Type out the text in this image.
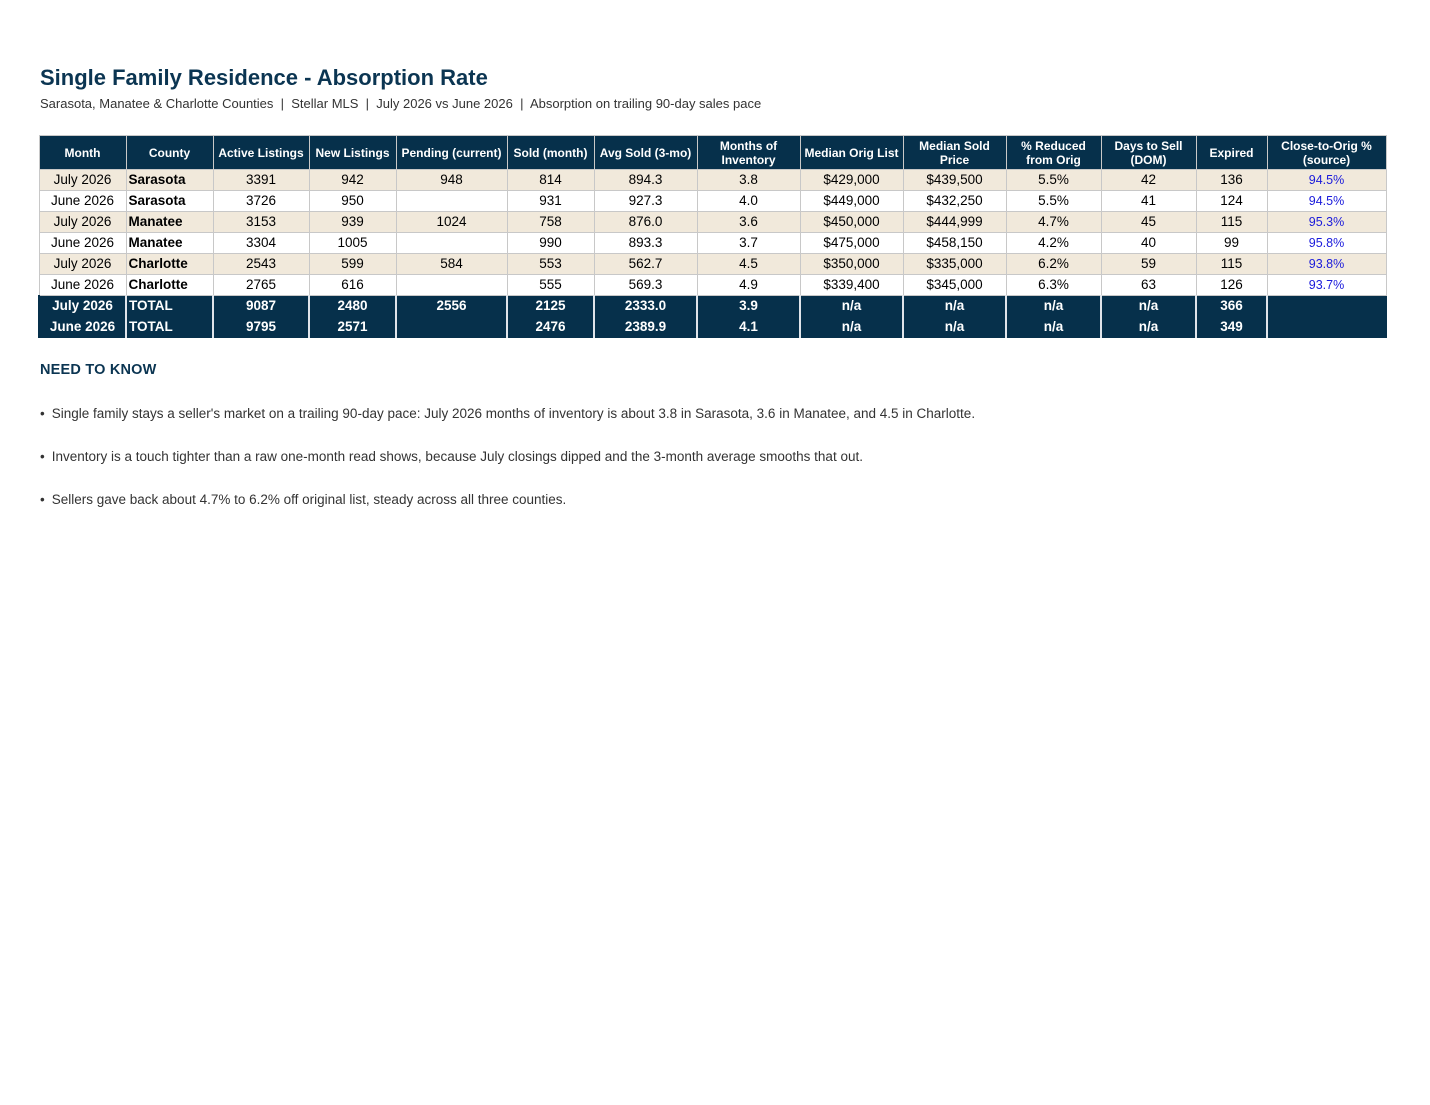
Single Family Residence - Absorption Rate
Sarasota, Manatee & Charlotte Counties  |  Stellar MLS  |  July 2026 vs June 2026  |  Absorption on trailing 90-day sales pace
Month	County	Active Listings	New Listings	Pending (current)	Sold (month)	Avg Sold (3-mo)	Months of Inventory	Median Orig List	Median Sold Price	% Reduced from Orig	Days to Sell (DOM)	Expired	Close-to-Orig % (source)
July 2026	Sarasota	3391	942	948	814	894.3	3.8	$429,000	$439,500	5.5%	42	136	94.5%
June 2026	Sarasota	3726	950		931	927.3	4.0	$449,000	$432,250	5.5%	41	124	94.5%
July 2026	Manatee	3153	939	1024	758	876.0	3.6	$450,000	$444,999	4.7%	45	115	95.3%
June 2026	Manatee	3304	1005		990	893.3	3.7	$475,000	$458,150	4.2%	40	99	95.8%
July 2026	Charlotte	2543	599	584	553	562.7	4.5	$350,000	$335,000	6.2%	59	115	93.8%
June 2026	Charlotte	2765	616		555	569.3	4.9	$339,400	$345,000	6.3%	63	126	93.7%
July 2026	TOTAL	9087	2480	2556	2125	2333.0	3.9	n/a	n/a	n/a	n/a	366	
June 2026	TOTAL	9795	2571		2476	2389.9	4.1	n/a	n/a	n/a	n/a	349	
NEED TO KNOW
• Single family stays a seller's market on a trailing 90-day pace: July 2026 months of inventory is about 3.8 in Sarasota, 3.6 in Manatee, and 4.5 in Charlotte.
• Inventory is a touch tighter than a raw one-month read shows, because July closings dipped and the 3-month average smooths that out.
• Sellers gave back about 4.7% to 6.2% off original list, steady across all three counties.
